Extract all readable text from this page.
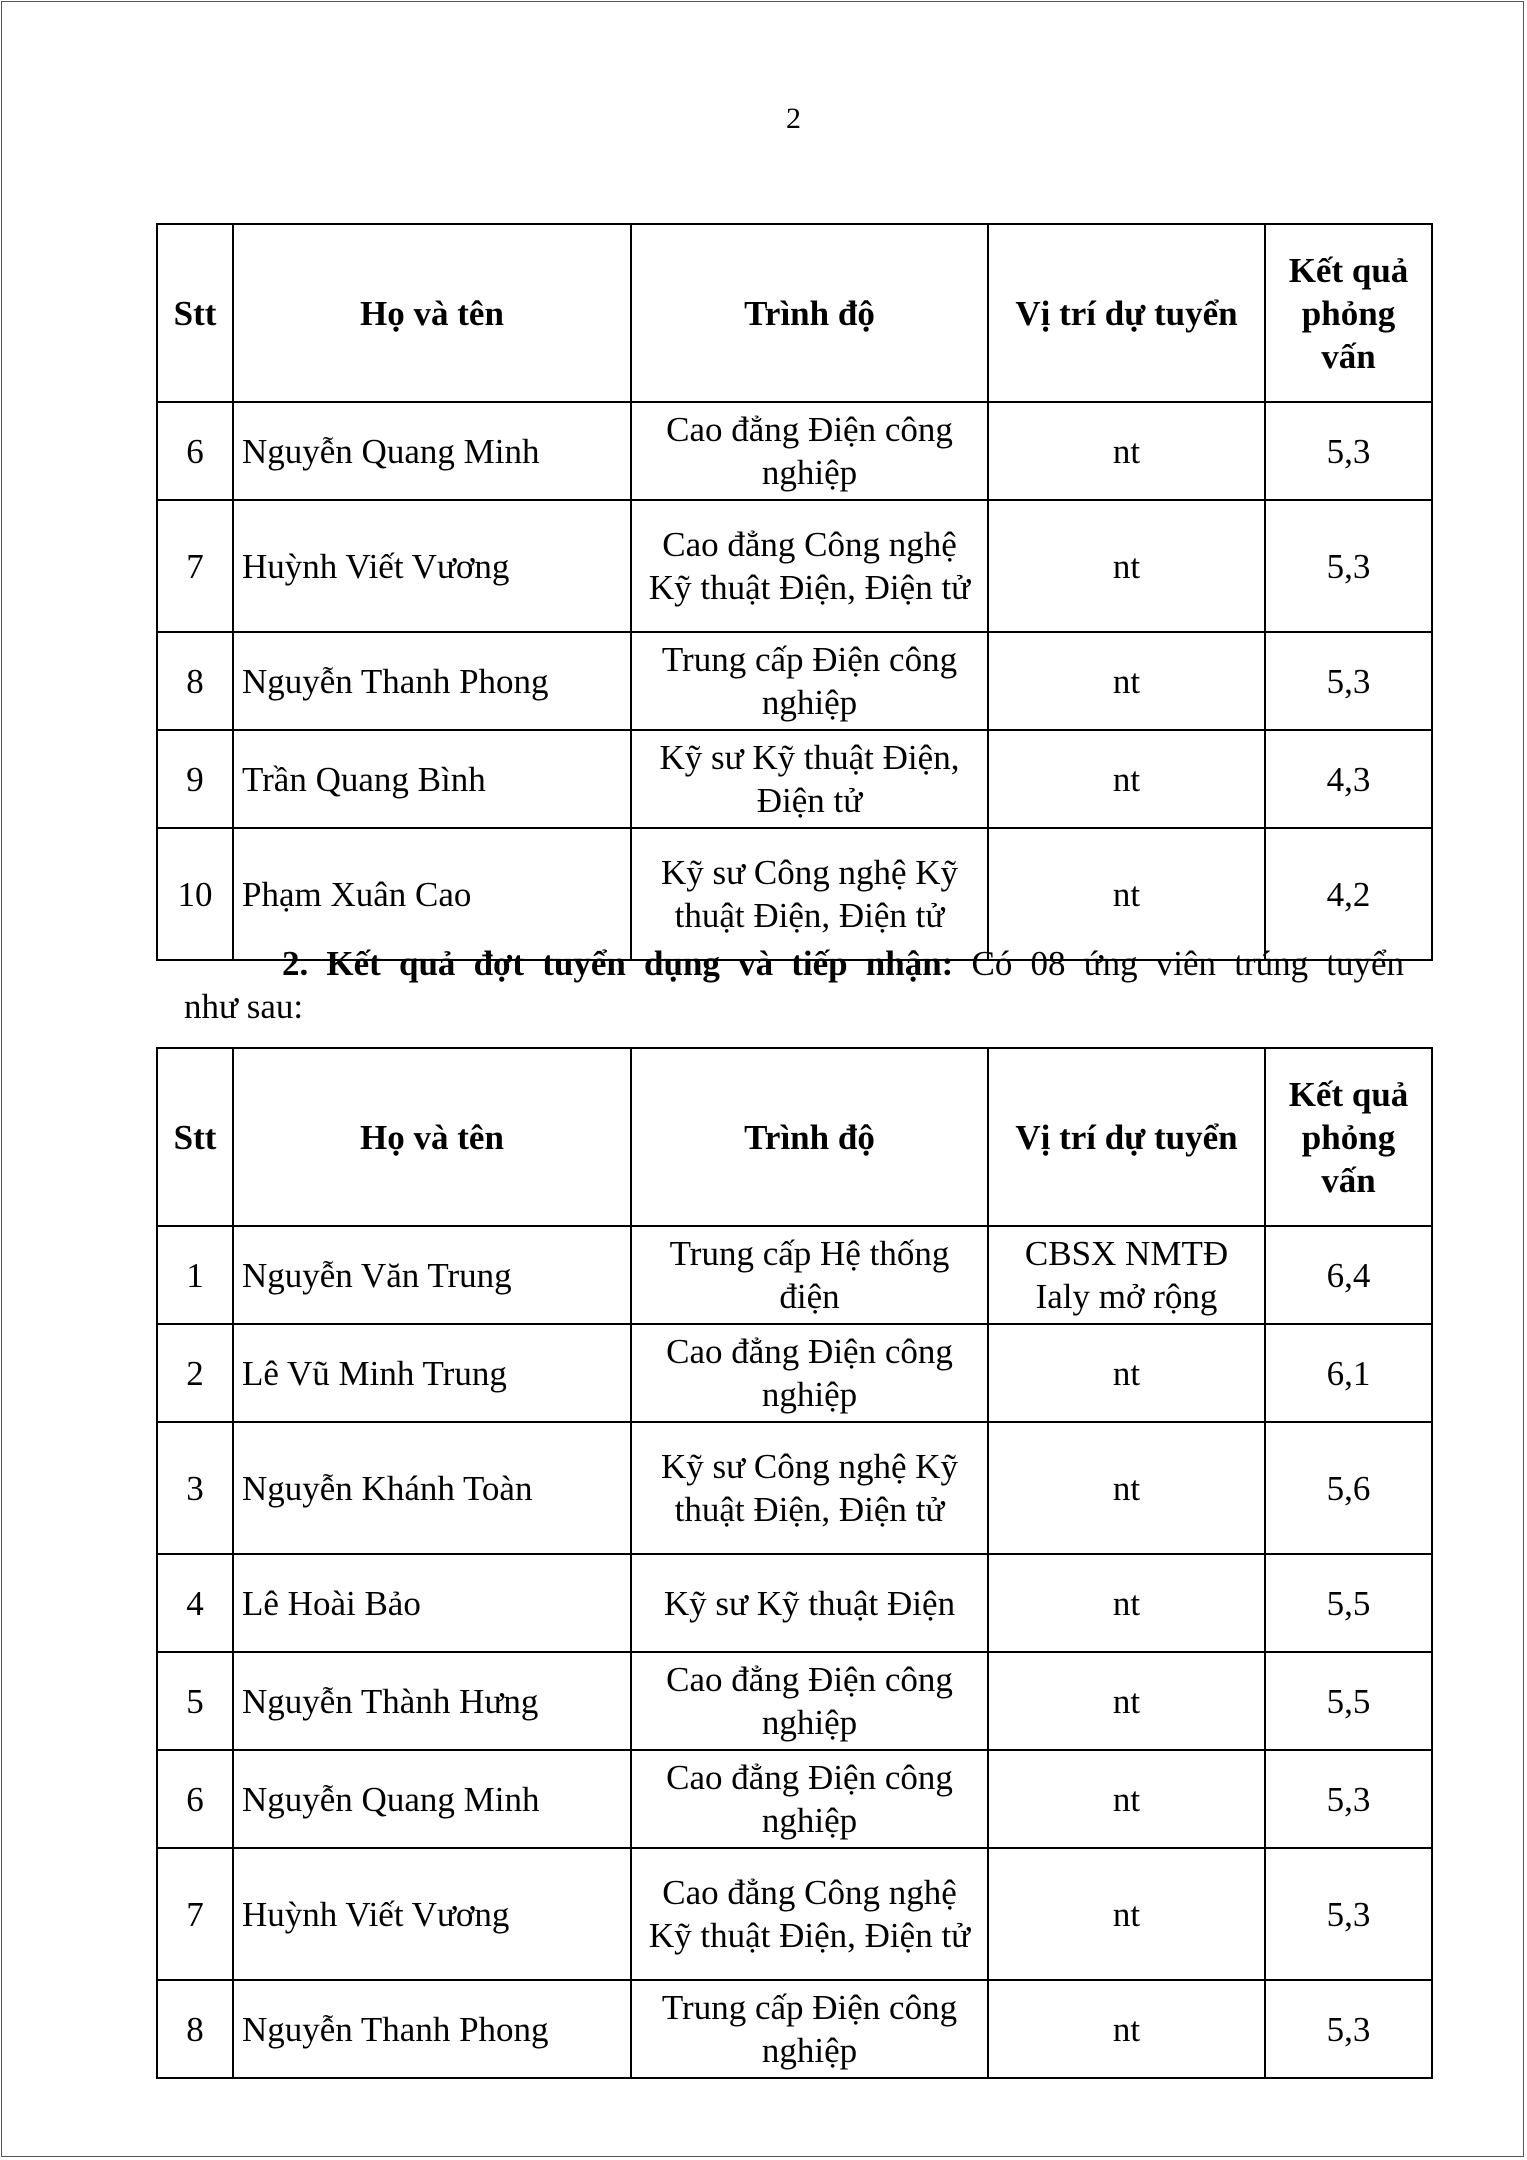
2
Stt	Họ và tên	Trình độ	Vị trí dự tuyển	Kết quả phỏng vấn
6	Nguyễn Quang Minh	Cao đẳng Điện công nghiệp	nt	5,3
7	Huỳnh Viết Vương	Cao đẳng Công nghệ Kỹ thuật Điện, Điện tử	nt	5,3
8	Nguyễn Thanh Phong	Trung cấp Điện công nghiệp	nt	5,3
9	Trần Quang Bình	Kỹ sư Kỹ thuật Điện, Điện tử	nt	4,3
10	Phạm Xuân Cao	Kỹ sư Công nghệ Kỹ thuật Điện, Điện tử	nt	4,2
2. Kết quả đợt tuyển dụng và tiếp nhận: Có 08 ứng viên trúng tuyển
như sau:
Stt	Họ và tên	Trình độ	Vị trí dự tuyển	Kết quả phỏng vấn
1	Nguyễn Văn Trung	Trung cấp Hệ thống điện	CBSX NMTĐ Ialy mở rộng	6,4
2	Lê Vũ Minh Trung	Cao đẳng Điện công nghiệp	nt	6,1
3	Nguyễn Khánh Toàn	Kỹ sư Công nghệ Kỹ thuật Điện, Điện tử	nt	5,6
4	Lê Hoài Bảo	Kỹ sư Kỹ thuật Điện	nt	5,5
5	Nguyễn Thành Hưng	Cao đẳng Điện công nghiệp	nt	5,5
6	Nguyễn Quang Minh	Cao đẳng Điện công nghiệp	nt	5,3
7	Huỳnh Viết Vương	Cao đẳng Công nghệ Kỹ thuật Điện, Điện tử	nt	5,3
8	Nguyễn Thanh Phong	Trung cấp Điện công nghiệp	nt	5,3
